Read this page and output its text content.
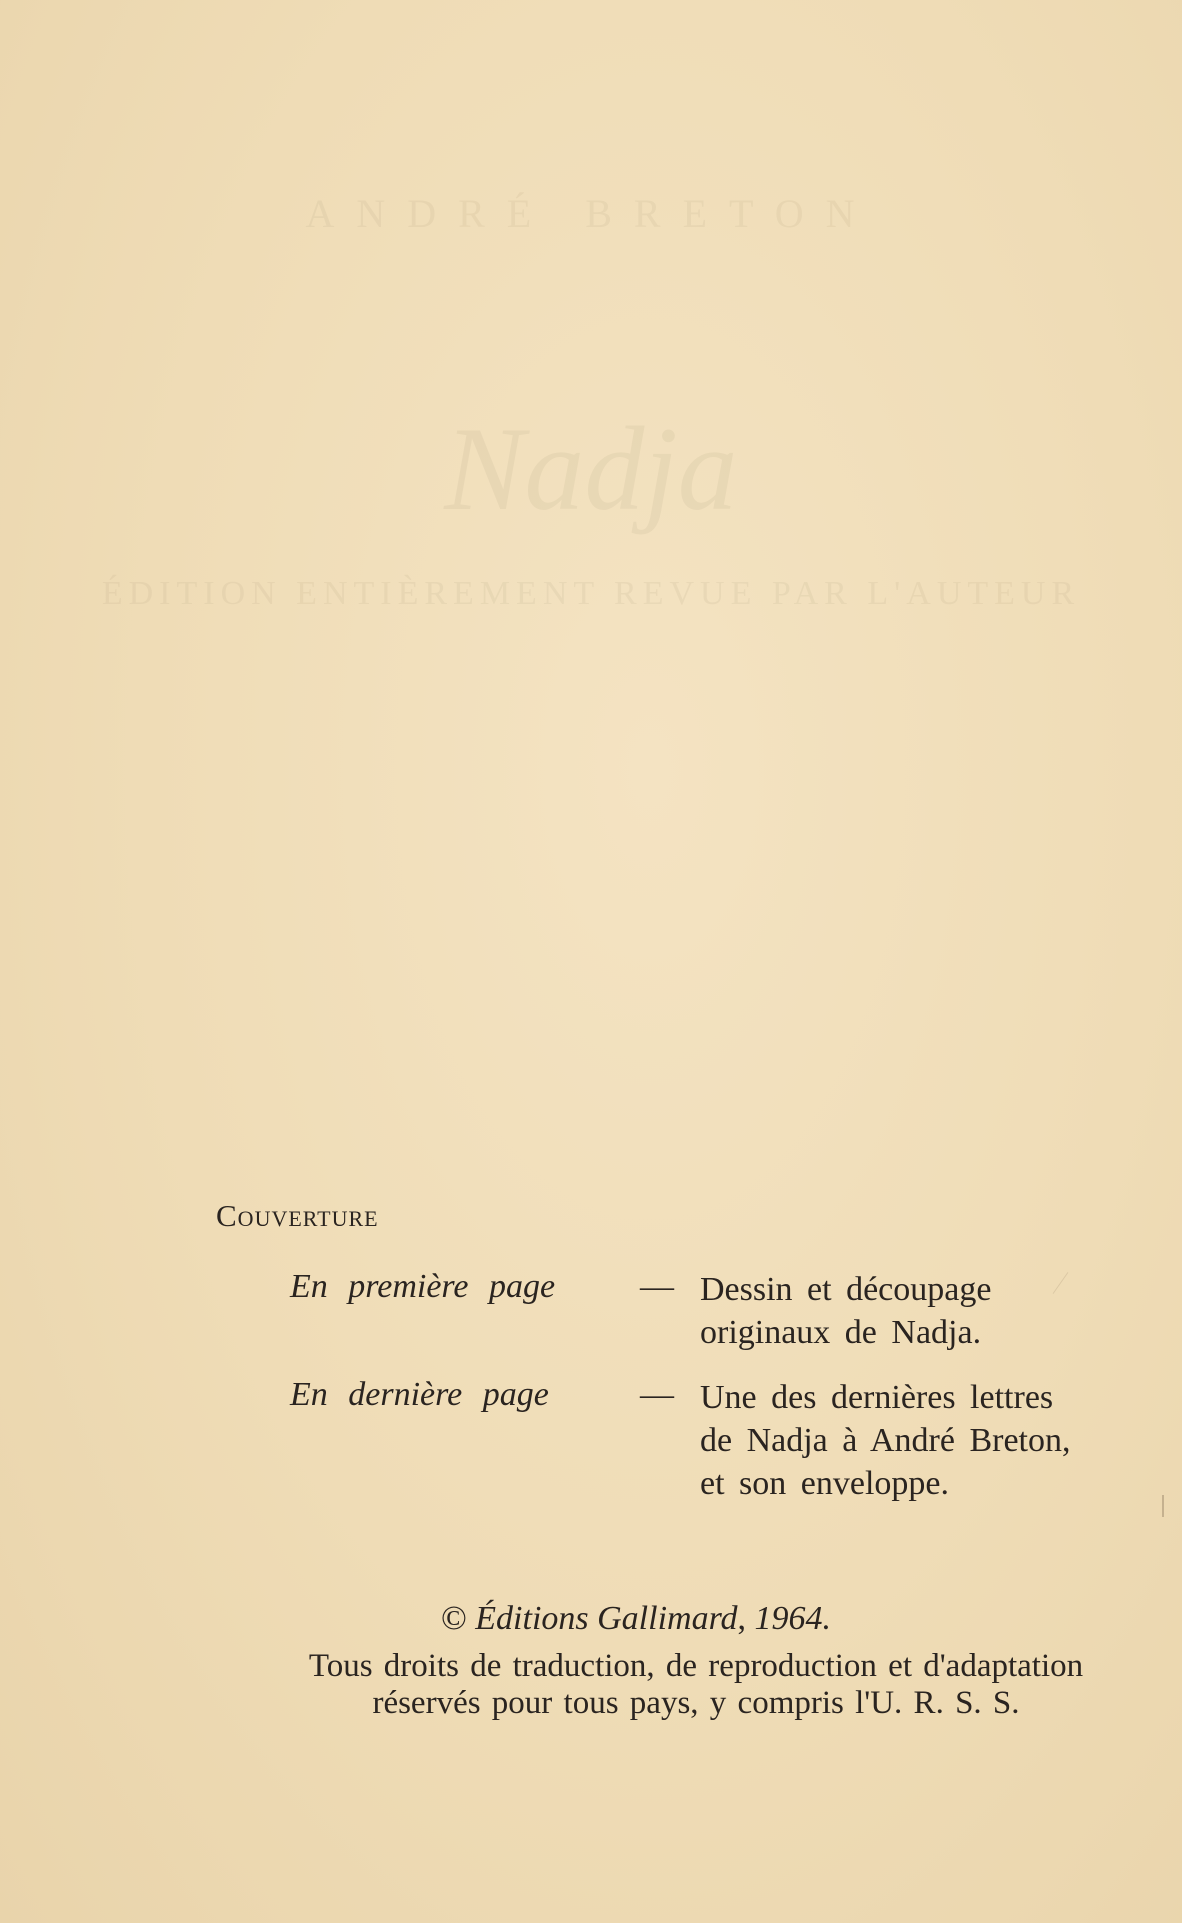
ANDRÉ BRETON
Nadja
ÉDITION ENTIÈREMENT REVUE PAR L'AUTEUR
Couverture
En première page — Dessin et découpage
originaux de Nadja.
En dernière page	— Une des dernières lettres
de Nadja à André Breton,
et son enveloppe.
© Éditions Gallimard, 1964.
Tous droits de traduction, de reproduction et d'adaptation
réservés pour tous pays, y compris l'U. R. S. S.
